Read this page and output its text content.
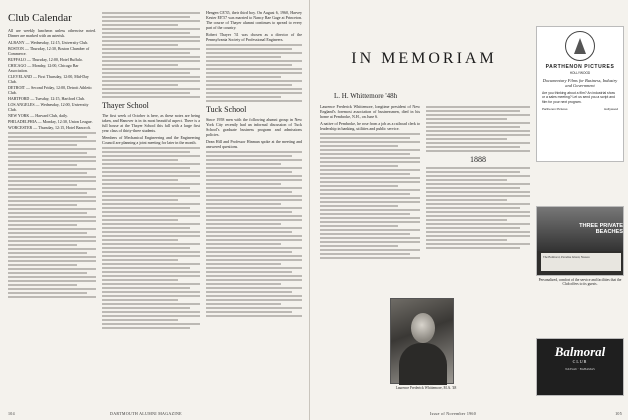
Club Calendar

All are weekly luncheon unless otherwise noted. Dinner are marked with an asterisk.

ALBANY — Wednesday, 12:15, University Club.
BOSTON — Thursday, 12:30, Boston Chamber of Commerce.
BUFFALO — Thursday, 12:00, Hotel Buffalo.
CHICAGO — Monday, 12:00, Chicago Bar Association.
CLEVELAND — First Thursday, 12:00, Mid-Day Club.
DETROIT — Second Friday, 12:00, Detroit Athletic Club.
HARTFORD — Tuesday, 12:15, Hartford Club.
LOS ANGELES — Wednesday, 12:00, University Club.
NEW YORK — Harvard Club, daily.
PHILADELPHIA — Monday, 12:30, Union League.
WORCESTER — Thursday, 12:15, Hotel Bancroft.
Thayer School

The first week of October is here, as these notes are being taken, and Hanover is in its most beautiful aspect. There is a full house at the Thayer School this fall with a large first year class of thirty-three students.

Members of Mechanical Engineering and the Engineering Council are planning a joint meeting for later in the month.

Hengen CE'35, their third boy. On August 6, 1960, Harvey Kester EE'57 was married to Nancy Rae Gage at Princeton. The course of Thayer alumni continues to spread to every part of the country.

Robert Thayer '31 was chosen as a director of the Pennsylvania Society of Professional Engineers.

Tuck School

Since 1958 men with the following alumni group in New York City recently had an informal discussion of Tuck School's graduate business program and admissions policies.

Dean Hill and Professor Hinman spoke at the meeting and answered questions.

104	DARTMOUTH ALUMNI MAGAZINE
IN MEMORIAM
L. H. Whittemore '48h

Laurence Frederick Whittemore, longtime president of New England's foremost association of businessmen, died in his home at Pembroke, N.H., on June 6.

A native of Pembroke, he rose from a job as a railroad clerk to leadership in banking, utilities and public service.

1888
Laurence Frederick Whittemore, M.A. '48
PARTHENON PICTURES
HOLLYWOOD
Documentary Films for Business, Industry and Government
Are you thinking about a film? An industrial show or a sales meeting? Let us send you a script and film for your next program.
Parthenon Pictures	Hollywood
THREE PRIVATE BEACHES
The Balmoral, Paradise Island, Nassau
Personalized, comfort of the service and facilities that the Club offers to its guests.
Balmoral
CLUB
NASSAU · BAHAMAS
Issue of November 1960	105
